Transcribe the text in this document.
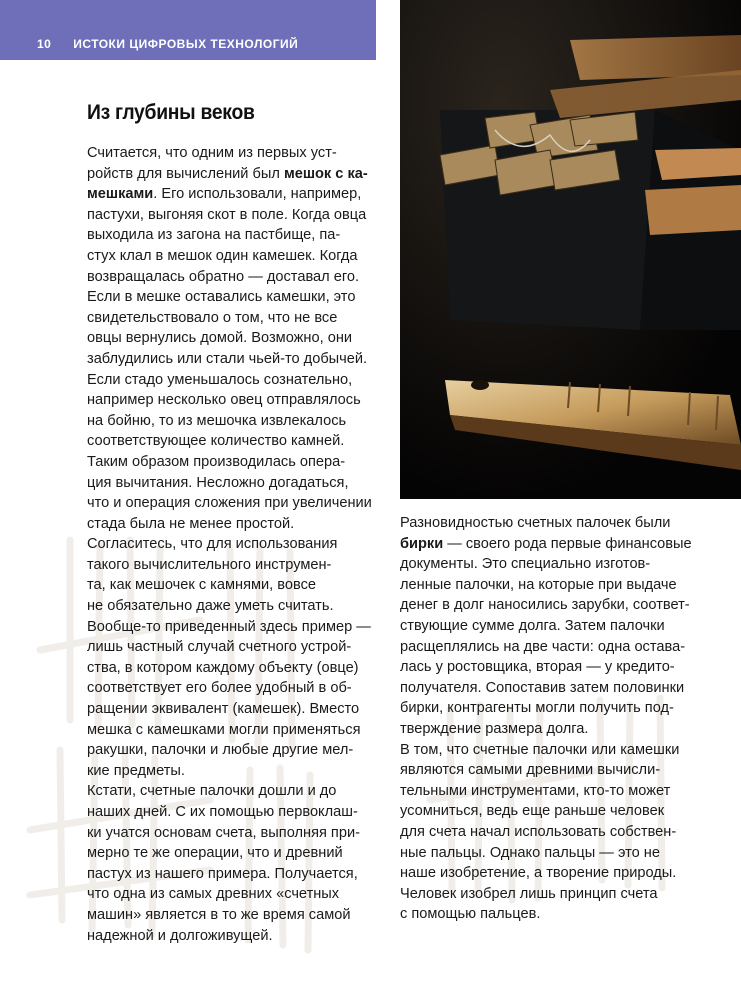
10 ИСТОКИ ЦИФРОВЫХ ТЕХНОЛОГИЙ
Из глубины веков

Считается, что одним из первых уст-

ройств для вычислений был мешок с ка-

мешками. Его использовали, например,

пастухи, выгоняя скот в поле. Когда овца

выходила из загона на пастбище, па-

стух клал в мешок один камешек. Когда

возвращалась обратно — доставал его.

Если в мешке оставались камешки, это

свидетельствовало о том, что не все

овцы вернулись домой. Возможно, они

заблудились или стали чьей-то добычей.

Если стадо уменьшалось сознательно,

например несколько овец отправлялось

на бойню, то из мешочка извлекалось

соответствующее количество камней.

Таким образом производилась опера-

ция вычитания. Несложно догадаться,

что и операция сложения при увеличении

стада была не менее простой.

Согласитесь, что для использования

такого вычислительного инструмен-

та, как мешочек с камнями, вовсе

не обязательно даже уметь считать.

Вообще-то приведенный здесь пример —

лишь частный случай счетного устрой-

ства, в котором каждому объекту (овце)

соответствует его более удобный в об-

ращении эквивалент (камешек). Вместо

мешка с камешками могли применяться

ракушки, палочки и любые другие мел-

кие предметы.

Кстати, счетные палочки дошли и до

наших дней. С их помощью первоклаш-

ки учатся основам счета, выполняя при-

мерно те же операции, что и древний

пастух из нашего примера. Получается,

что одна из самых древних «счетных

машин» является в то же время самой

надежной и долгоживущей.

Разновидностью счетных палочек были

бирки — своего рода первые финансовые

документы. Это специально изготов-

ленные палочки, на которые при выдаче

денег в долг наносились зарубки, соответ-

ствующие сумме долга. Затем палочки

расщеплялись на две части: одна остава-

лась у ростовщика, вторая — у кредито-

получателя. Сопоставив затем половинки

бирки, контрагенты могли получить под-

тверждение размера долга.

В том, что счетные палочки или камешки

являются самыми древними вычисли-

тельными инструментами, кто-то может

усомниться, ведь еще раньше человек

для счета начал использовать собствен-

ные пальцы. Однако пальцы — это не

наше изобретение, а творение природы.

Человек изобрел лишь принцип счета

с помощью пальцев.
